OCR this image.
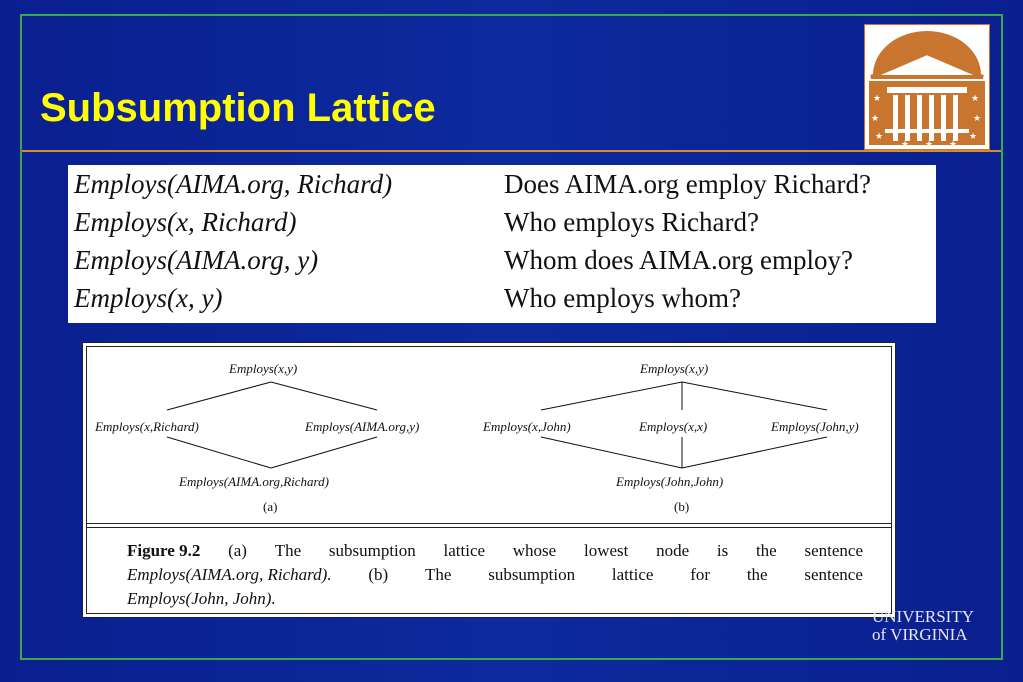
Subsumption Lattice	★	★
★	★
★	★
★ ★ ★
Employs(AIMA.org, Richard)	Does AIMA.org employ Richard?
Employs(x, Richard)	Who employs Richard?
Employs(AIMA.org, y)	Whom does AIMA.org employ?
Employs(x, y)	Who employs whom?
Employs(x,y)
Employs(x,Richard)	Employs(AIMA.org,y)
Employs(AIMA.org,Richard)
(a)
Employs(x,y)
Employs(x,John)	Employs(x,x)	Employs(John,y)
Employs(John,John)
(b)
Figure 9.2 (a) The subsumption lattice whose lowest node is the sentence
Employs(AIMA.org, Richard). (b) The subsumption lattice for the sentence
Employs(John, John).
UNIVERSITY
of VIRGINIA
